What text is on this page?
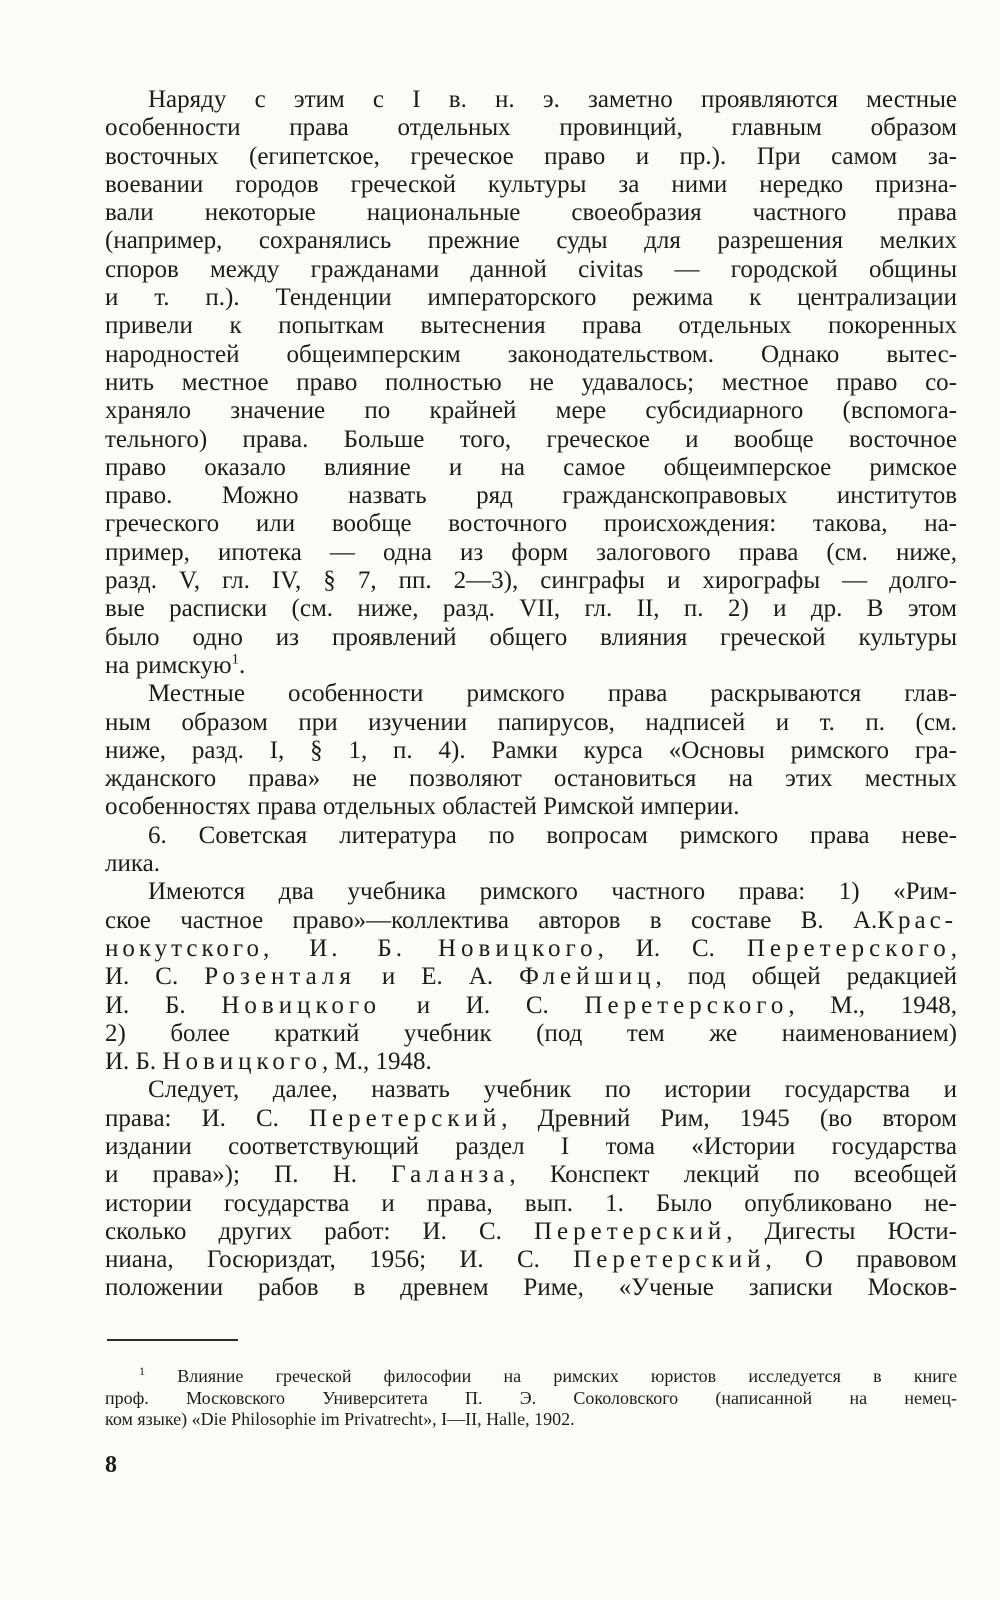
Наряду с этим с I в. н. э. заметно проявляются местные
особенности права отдельных провинций, главным образом
восточных (египетское, греческое право и пр.). При самом за-
воевании городов греческой культуры за ними нередко призна-
вали некоторые национальные своеобразия частного права
(например, сохранялись прежние суды для разрешения мелких
споров между гражданами данной civitas — городской общины
и т. п.). Тенденции императорского режима к централизации
привели к попыткам вытеснения права отдельных покоренных
народностей общеимперским законодательством. Однако вытес-
нить местное право полностью не удавалось; местное право со-
храняло значение по крайней мере субсидиарного (вспомога-
тельного) права. Больше того, греческое и вообще восточное
право оказало влияние и на самое общеимперское римское
право. Можно назвать ряд гражданскоправовых институтов
греческого или вообще восточного происхождения: такова, на-
пример, ипотека — одна из форм залогового права (см. ниже,
разд. V, гл. IV, § 7, пп. 2—3), синграфы и хирографы — долго-
вые расписки (см. ниже, разд. VII, гл. II, п. 2) и др. В этом
было одно из проявлений общего влияния греческой культуры
на римскую$^1$.
Местные особенности римского права раскрываются глав-
ным образом при изучении папирусов, надписей и т. п. (см.
ниже, разд. I, § 1, п. 4). Рамки курса «Основы римского гра-
жданского права» не позволяют остановиться на этих местных
особенностях права отдельных областей Римской империи.
6. Советская литература по вопросам римского права неве-
лика.
Имеются два учебника римского частного права: 1) «Рим-
ское частное право»—коллектива авторов в составе В. А.Крас-
нокутского, И. Б. Новицкого, И. С. Перетерского,
И. С. Розенталя и Е. А. Флейшиц, под общей редакцией
И. Б. Новицкого и И. С. Перетерского, М., 1948,
2) более краткий учебник (под тем же наименованием)
И. Б. Новицкого, М., 1948.
Следует, далее, назвать учебник по истории государства и
права: И. С. Перетерский, Древний Рим, 1945 (во втором
издании соответствующий раздел I тома «Истории государства
и права»); П. Н. Галанза, Конспект лекций по всеобщей
истории государства и права, вып. 1. Было опубликовано не-
сколько других работ: И. С. Перетерский, Дигесты Юсти-
ниана, Госюриздат, 1956; И. С. Перетерский, О правовом
положении рабов в древнем Риме, «Ученые записки Москов-
$^1$ Влияние греческой философии на римских юристов исследуется в книге
проф. Московского Университета П. Э. Соколовского (написанной на немец-
ком языке) «Die Philosophie im Privatrecht», I—II, Halle, 1902.
8
